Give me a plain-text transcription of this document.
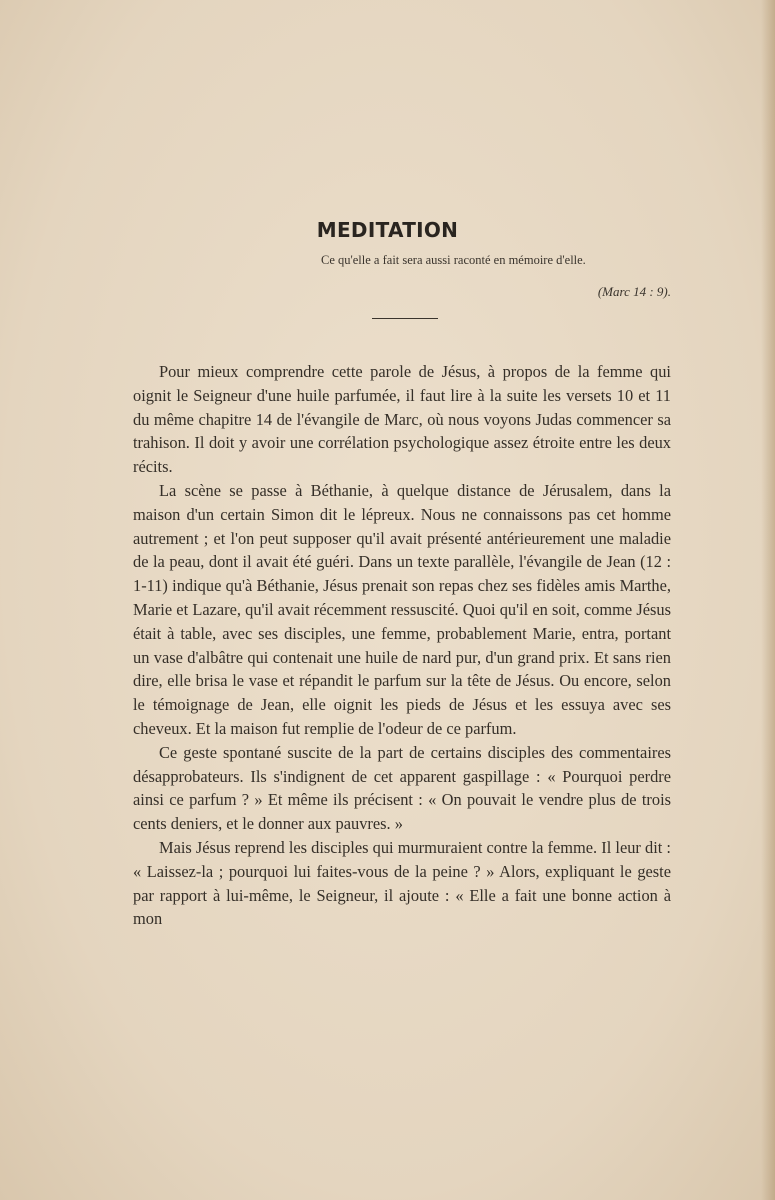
MEDITATION
Ce qu'elle a fait sera aussi raconté en mémoire d'elle.
(Marc 14 : 9).

Pour mieux comprendre cette parole de Jésus, à propos de la femme qui oignit le Seigneur d'une huile parfumée, il faut lire à la suite les versets 10 et 11 du même chapitre 14 de l'évangile de Marc, où nous voyons Judas commencer sa trahison. Il doit y avoir une corrélation psychologique assez étroite entre les deux récits.

La scène se passe à Béthanie, à quelque distance de Jérusalem, dans la maison d'un certain Simon dit le lépreux. Nous ne connaissons pas cet homme autrement ; et l'on peut supposer qu'il avait présenté antérieurement une maladie de la peau, dont il avait été guéri. Dans un texte parallèle, l'évangile de Jean (12 : 1-11) indique qu'à Béthanie, Jésus prenait son repas chez ses fidèles amis Marthe, Marie et Lazare, qu'il avait récemment ressuscité. Quoi qu'il en soit, comme Jésus était à table, avec ses disciples, une femme, probablement Marie, entra, portant un vase d'albâtre qui contenait une huile de nard pur, d'un grand prix. Et sans rien dire, elle brisa le vase et répandit le parfum sur la tête de Jésus. Ou encore, selon le témoignage de Jean, elle oignit les pieds de Jésus et les essuya avec ses cheveux. Et la maison fut remplie de l'odeur de ce parfum.

Ce geste spontané suscite de la part de certains disciples des commentaires désapprobateurs. Ils s'indignent de cet apparent gaspillage : « Pourquoi perdre ainsi ce parfum ? » Et même ils précisent : « On pouvait le vendre plus de trois cents deniers, et le donner aux pauvres. »

Mais Jésus reprend les disciples qui murmuraient contre la femme. Il leur dit : « Laissez-la ; pourquoi lui faites-vous de la peine ? » Alors, expliquant le geste par rapport à lui-même, le Seigneur, il ajoute : « Elle a fait une bonne action à mon
